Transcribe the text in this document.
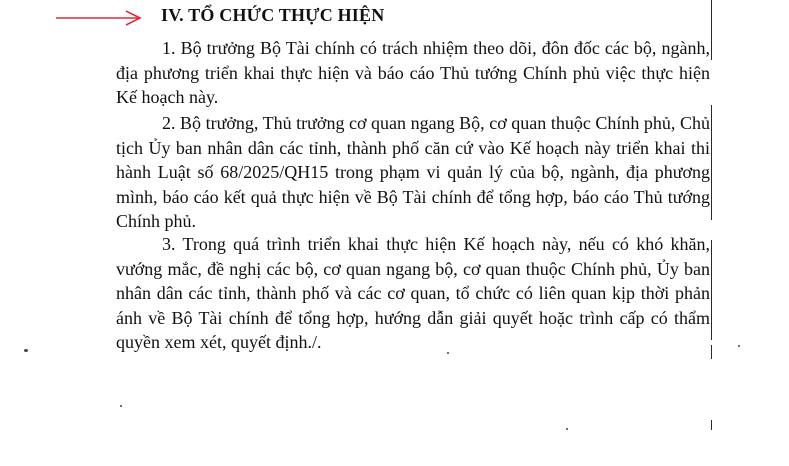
IV. TỔ CHỨC THỰC HIỆN

1. Bộ trưởng Bộ Tài chính có trách nhiệm theo dõi, đôn đốc các bộ, ngành, địa phương triển khai thực hiện và báo cáo Thủ tướng Chính phủ việc thực hiện Kế hoạch này.

2. Bộ trưởng, Thủ trưởng cơ quan ngang Bộ, cơ quan thuộc Chính phủ, Chủ tịch Ủy ban nhân dân các tỉnh, thành phố căn cứ vào Kế hoạch này triển khai thi hành Luật số 68/2025/QH15 trong phạm vi quản lý của bộ, ngành, địa phương mình, báo cáo kết quả thực hiện về Bộ Tài chính để tổng hợp, báo cáo Thủ tướng Chính phủ.

3. Trong quá trình triển khai thực hiện Kế hoạch này, nếu có khó khăn, vướng mắc, đề nghị các bộ, cơ quan ngang bộ, cơ quan thuộc Chính phủ, Ủy ban nhân dân các tỉnh, thành phố và các cơ quan, tổ chức có liên quan kịp thời phản ánh về Bộ Tài chính để tổng hợp, hướng dẫn giải quyết hoặc trình cấp có thẩm quyền xem xét, quyết định./.
